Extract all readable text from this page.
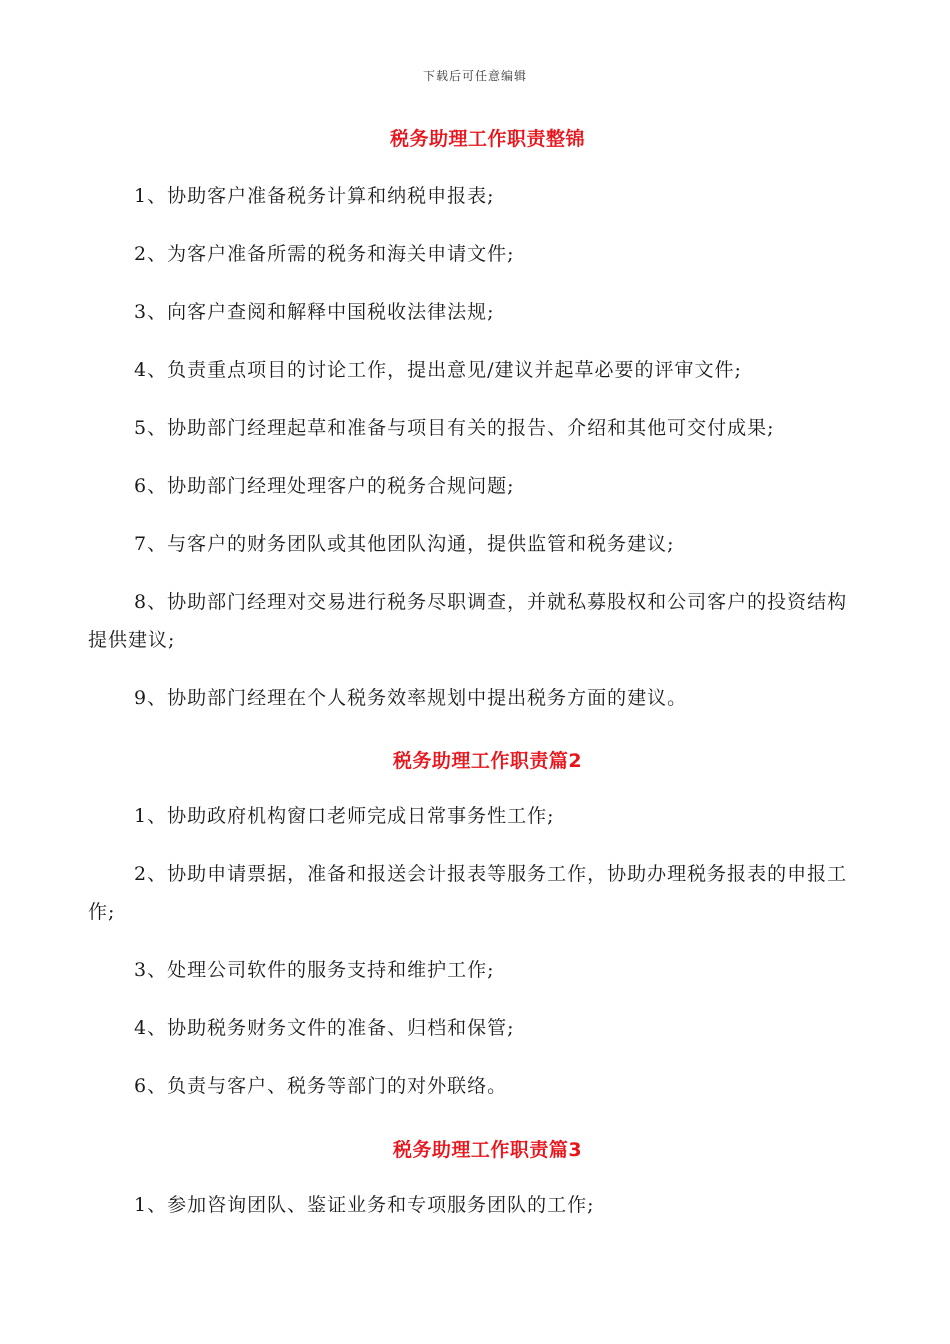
下载后可任意编辑
税务助理工作职责整锦
1、协助客户准备税务计算和纳税申报表;
2、为客户准备所需的税务和海关申请文件;
3、向客户查阅和解释中国税收法律法规;
4、负责重点项目的讨论工作，提出意见/建议并起草必要的评审文件;
5、协助部门经理起草和准备与项目有关的报告、介绍和其他可交付成果;
6、协助部门经理处理客户的税务合规问题;
7、与客户的财务团队或其他团队沟通，提供监管和税务建议;
8、协助部门经理对交易进行税务尽职调查，并就私募股权和公司客户的投资结构提供建议;
9、协助部门经理在个人税务效率规划中提出税务方面的建议。
税务助理工作职责篇2
1、协助政府机构窗口老师完成日常事务性工作;
2、协助申请票据，准备和报送会计报表等服务工作，协助办理税务报表的申报工作;
3、处理公司软件的服务支持和维护工作;
4、协助税务财务文件的准备、归档和保管;
6、负责与客户、税务等部门的对外联络。
税务助理工作职责篇3
1、参加咨询团队、鉴证业务和专项服务团队的工作;
